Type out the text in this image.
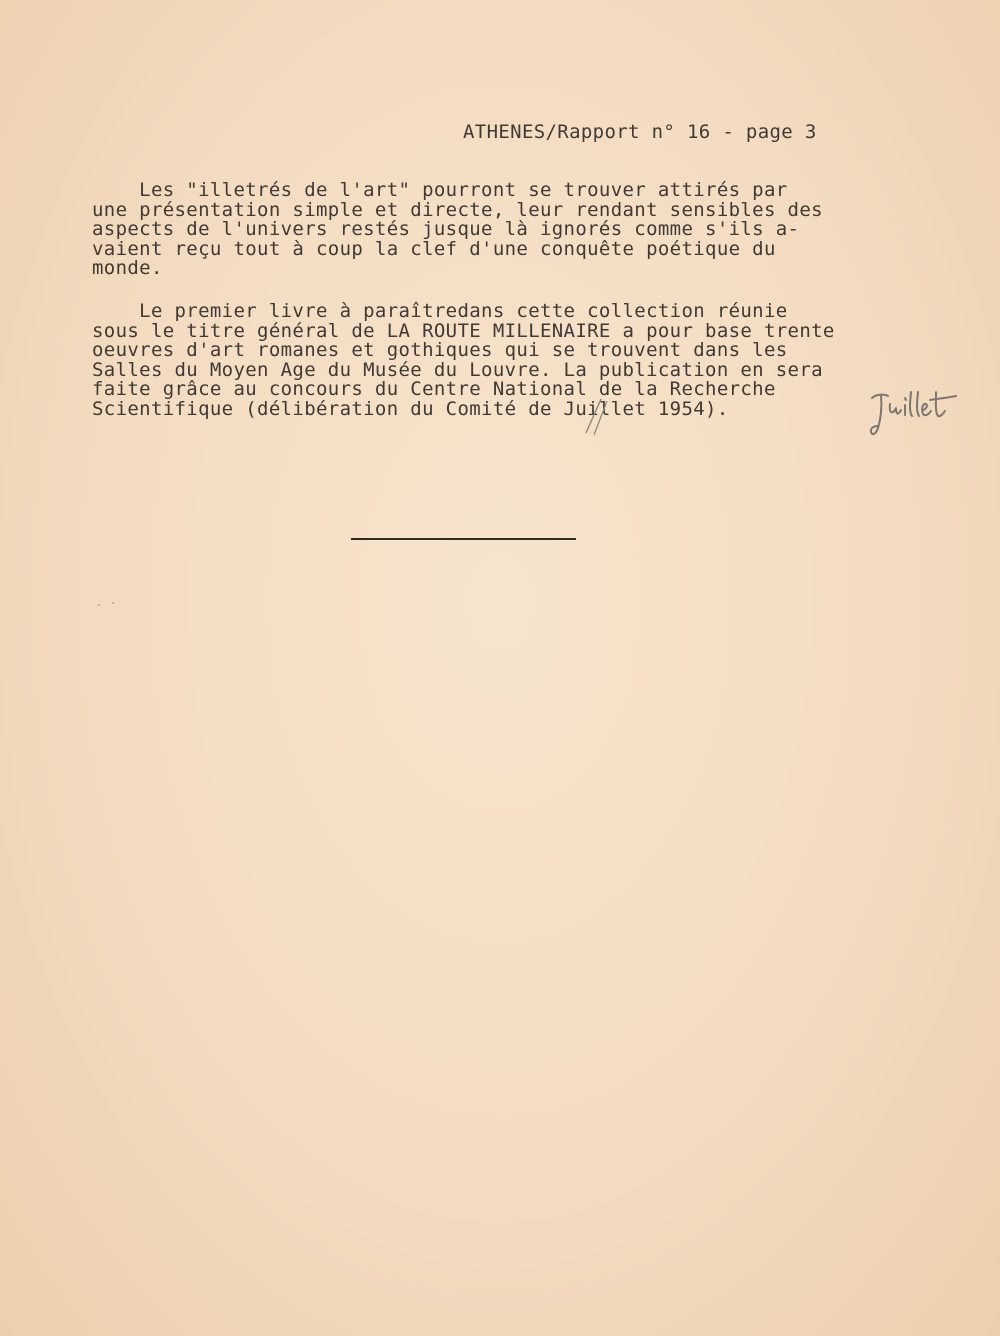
ATHENES/Rapport n° 16 - page 3
Les "illetrés de l'art" pourront se trouver attirés par
une présentation simple et directe, leur rendant sensibles des
aspects de l'univers restés jusque là ignorés comme s'ils a-
vaient reçu tout à coup la clef d'une conquête poétique du
monde.
Le premier livre à paraîtredans cette collection réunie
sous le titre général de LA ROUTE MILLENAIRE a pour base trente
oeuvres d'art romanes et gothiques qui se trouvent dans les
Salles du Moyen Age du Musée du Louvre. La publication en sera
faite grâce au concours du Centre National de la Recherche
Scientifique (délibération du Comité de Juillet 1954).
